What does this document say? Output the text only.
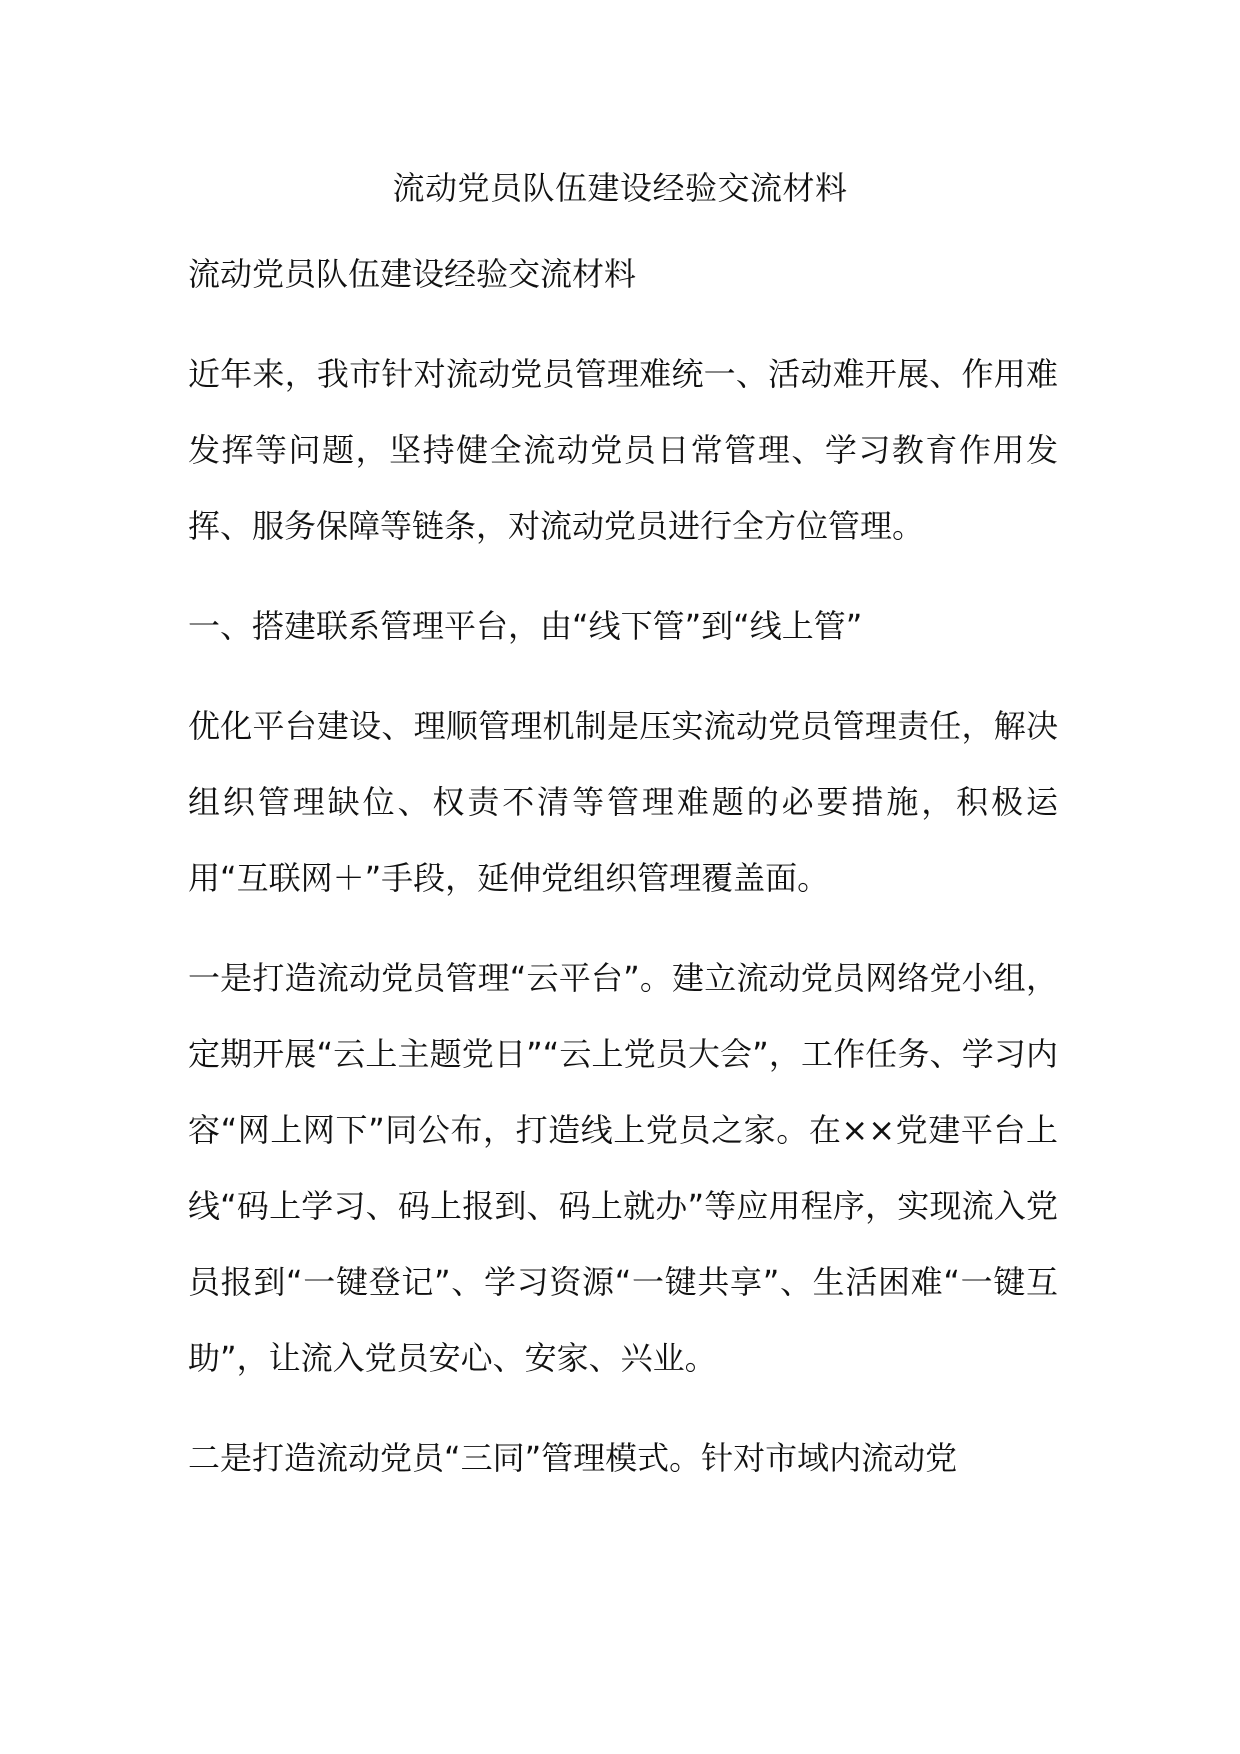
流动党员队伍建设经验交流材料

流动党员队伍建设经验交流材料

近年来，我市针对流动党员管理难统一、活动难开展、作用难发挥等问题，坚持健全流动党员日常管理、学习教育作用发挥、服务保障等链条，对流动党员进行全方位管理。

一、搭建联系管理平台，由“线下管”到“线上管”

优化平台建设、理顺管理机制是压实流动党员管理责任，解决组织管理缺位、权责不清等管理难题的必要措施，积极运用“互联网＋”手段，延伸党组织管理覆盖面。

一是打造流动党员管理“云平台”。建立流动党员网络党小组，定期开展“云上主题党日”“云上党员大会”，工作任务、学习内容“网上网下”同公布，打造线上党员之家。在××党建平台上线“码上学习、码上报到、码上就办”等应用程序，实现流入党员报到“一键登记”、学习资源“一键共享”、生活困难“一键互助”，让流入党员安心、安家、兴业。

二是打造流动党员“三同”管理模式。针对市域内流动党
